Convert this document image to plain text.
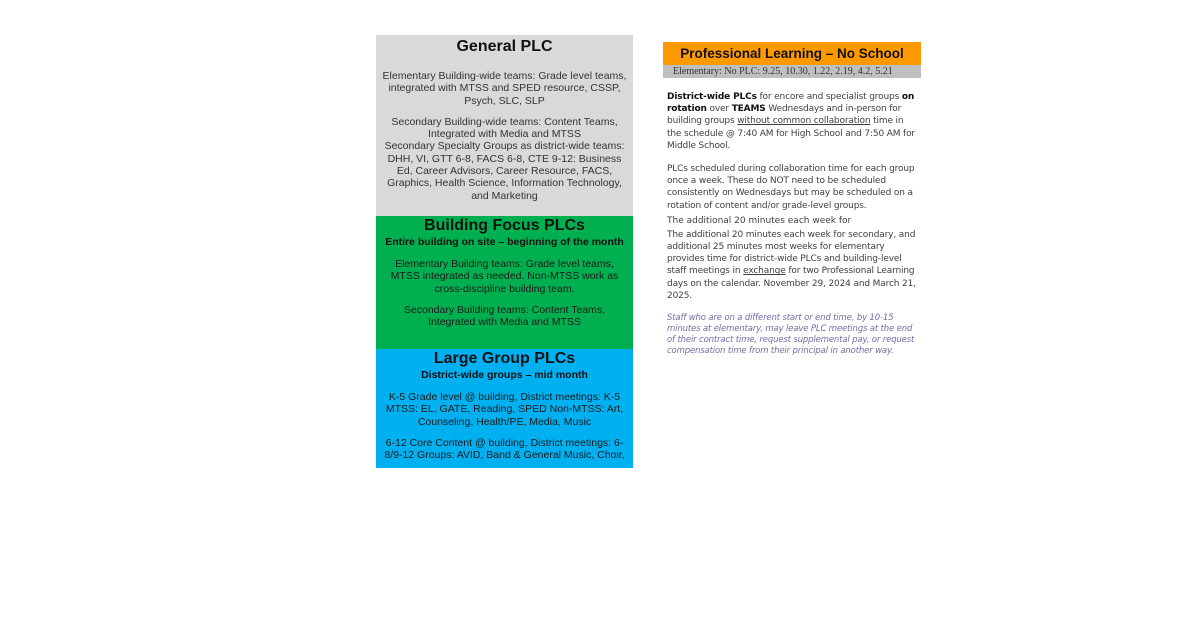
General PLC
Elementary Building-wide teams: Grade level teams, integrated with MTSS and SPED resource, CSSP, Psych, SLC, SLP
Secondary Building-wide teams: Content Teams, Integrated with Media and MTSS
Secondary Specialty Groups as district-wide teams: DHH, VI, GTT 6-8, FACS 6-8, CTE 9-12: Business Ed, Career Advisors, Career Resource, FACS, Graphics, Health Science, Information Technology, and Marketing
Building Focus PLCs
Entire building on site – beginning of the month
Elementary Building teams: Grade level teams, MTSS integrated as needed. Non-MTSS work as cross-discipline building team.
Secondary Building teams: Content Teams, Integrated with Media and MTSS
Large Group PLCs
District-wide groups – mid month
K-5 Grade level @ building, District meetings: K-5 MTSS: EL, GATE, Reading, SPED Non-MTSS: Art, Counseling, Health/PE, Media, Music
6-12 Core Content @ building, District meetings: 6-8/9-12 Groups: AVID, Band & General Music, Choir,
Professional Learning – No School
Elementary: No PLC: 9.25, 10.30, 1.22, 2.19, 4.2, 5.21
District-wide PLCs for encore and specialist groups on rotation over TEAMS Wednesdays and in-person for building groups without common collaboration time in the schedule @ 7:40 AM for High School and 7:50 AM for Middle School.
PLCs scheduled during collaboration time for each group once a week. These do NOT need to be scheduled consistently on Wednesdays but may be scheduled on a rotation of content and/or grade-level groups.
The additional 20 minutes each week for
The additional 20 minutes each week for secondary, and additional 25 minutes most weeks for elementary provides time for district-wide PLCs and building-level staff meetings in exchange for two Professional Learning days on the calendar. November 29, 2024 and March 21, 2025.
Staff who are on a different start or end time, by 10-15 minutes at elementary, may leave PLC meetings at the end of their contract time, request supplemental pay, or request compensation time from their principal in another way.
